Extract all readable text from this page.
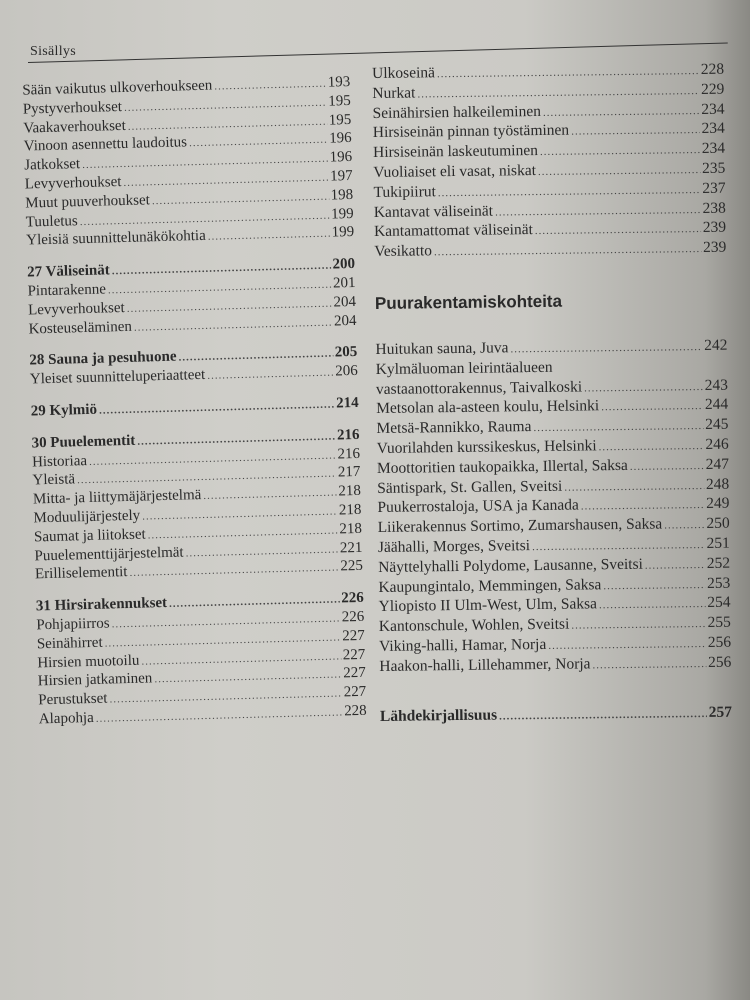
Sisällys
Sään vaikutus ulkoverhoukseen .....	193
Pystyverhoukset .....	195
Vaakaverhoukset .....	195
Vinoon asennettu laudoitus .....	196
Jatkokset .....	196
Levyverhoukset .....	197
Muut puuverhoukset .....	198
Tuuletus .....	199
Yleisiä suunnittelunäkökohtia .....	199
27 Väliseinät .....	200
Pintarakenne .....	201
Levyverhoukset .....	204
Kosteuseläminen .....	204
28 Sauna ja pesuhuone .....	205
Yleiset suunnitteluperiaatteet .....	206
29 Kylmiö .....	214
30 Puuelementit .....	216
Historiaa .....	216
Yleistä .....	217
Mitta- ja liittymäjärjestelmä .....	218
Moduulijärjestely .....	218
Saumat ja liitokset .....	218
Puuelementtijärjestelmät .....	221
Erilliselementit .....	225
31 Hirsirakennukset .....	226
Pohjapiirros .....	226
Seinähirret .....	227
Hirsien muotoilu .....	227
Hirsien jatkaminen .....	227
Perustukset .....	227
Alapohja .....	228
Ulkoseinä .....	228
Nurkat .....	229
Seinähirsien halkeileminen .....	234
Hirsiseinän pinnan työstäminen .....	234
Hirsiseinän laskeutuminen .....	234
Vuoliaiset eli vasat, niskat .....	235
Tukipiirut .....	237
Kantavat väliseinät .....	238
Kantamattomat väliseinät .....	239
Vesikatto .....	239
Puurakentamiskohteita
Huitukan sauna, Juva .....	242
Kylmäluoman leirintäalueen
vastaanottorakennus, Taivalkoski .....	243
Metsolan ala-asteen koulu, Helsinki .....	244
Metsä-Rannikko, Rauma .....	245
Vuorilahden kurssikeskus, Helsinki .....	246
Moottoritien taukopaikka, Illertal, Saksa .....	247
Säntispark, St. Gallen, Sveitsi .....	248
Puukerrostaloja, USA ja Kanada .....	249
Liikerakennus Sortimo, Zumarshausen, Saksa .....	250
Jäähalli, Morges, Sveitsi .....	251
Näyttelyhalli Polydome, Lausanne, Sveitsi .....	252
Kaupungintalo, Memmingen, Saksa .....	253
Yliopisto II Ulm-West, Ulm, Saksa .....	254
Kantonschule, Wohlen, Sveitsi .....	255
Viking-halli, Hamar, Norja .....	256
Haakon-halli, Lillehammer, Norja .....	256
Lähdekirjallisuus .....	257
